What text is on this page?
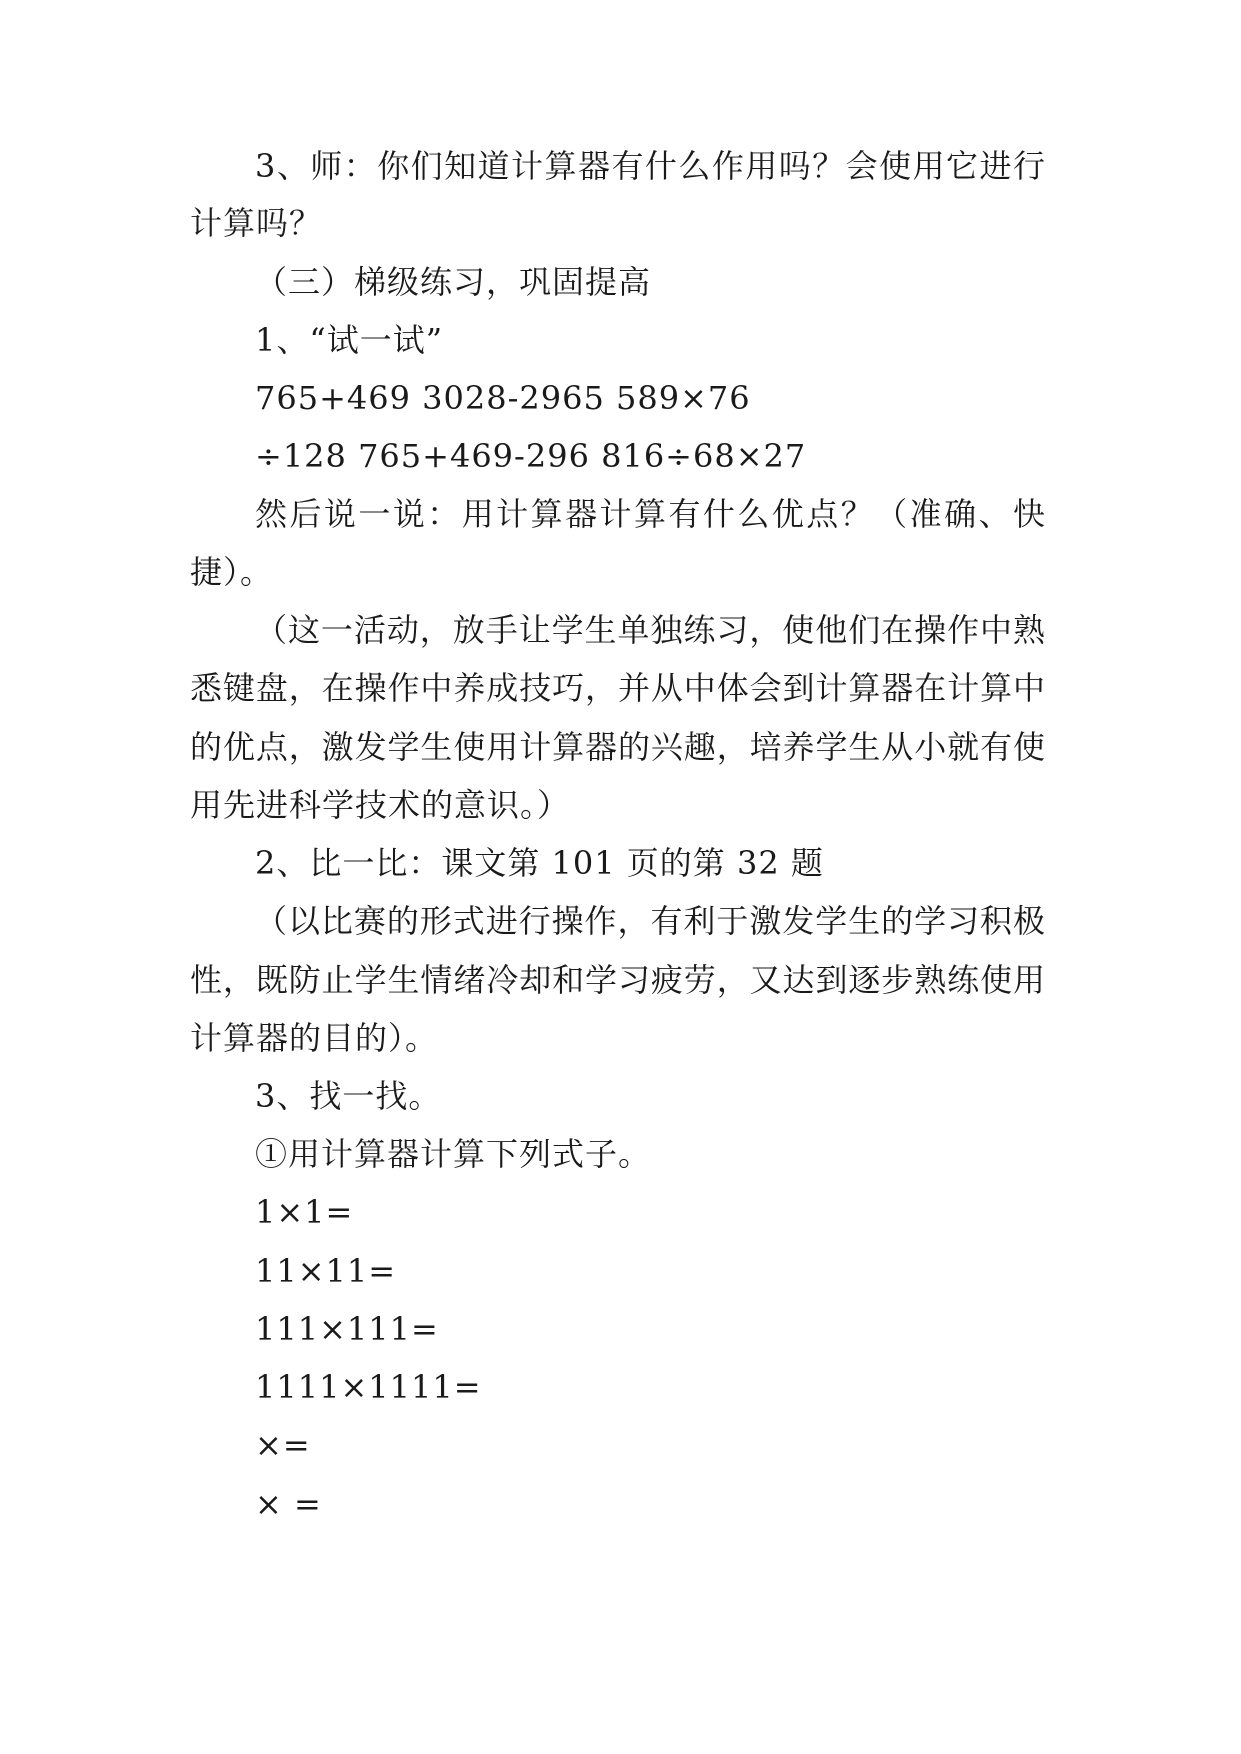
3、师：你们知道计算器有什么作用吗？会使用它进行
计算吗？
（三）梯级练习，巩固提高
1、“试一试”
765+469 3028-2965 589×76
÷128 765+469-296 816÷68×27
然后说一说：用计算器计算有什么优点？（准确、快
捷）。
（这一活动，放手让学生单独练习，使他们在操作中熟
悉键盘，在操作中养成技巧，并从中体会到计算器在计算中
的优点，激发学生使用计算器的兴趣，培养学生从小就有使
用先进科学技术的意识。）
2、比一比：课文第 101 页的第 32 题
（以比赛的形式进行操作，有利于激发学生的学习积极
性，既防止学生情绪冷却和学习疲劳，又达到逐步熟练使用
计算器的目的）。
3、找一找。
①用计算器计算下列式子。
1×1=
11×11=
111×111=
1111×1111=
×=
× =
